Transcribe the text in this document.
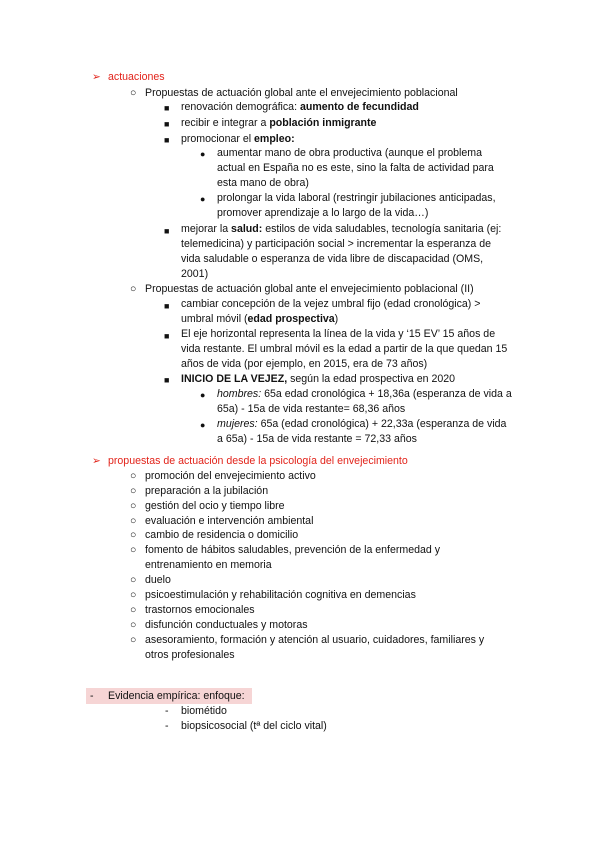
➢ actuaciones
○ Propuestas de actuación global ante el envejecimiento poblacional
■ renovación demográfica: aumento de fecundidad
■ recibir e integrar a población inmigrante
■ promocionar el empleo:
● aumentar mano de obra productiva (aunque el problema
actual en España no es este, sino la falta de actividad para
esta mano de obra)
● prolongar la vida laboral (restringir jubilaciones anticipadas,
promover aprendizaje a lo largo de la vida…)
■ mejorar la salud: estilos de vida saludables, tecnología sanitaria (ej:
telemedicina) y participación social > incrementar la esperanza de
vida saludable o esperanza de vida libre de discapacidad (OMS,
2001)
○ Propuestas de actuación global ante el envejecimiento poblacional (II)
■ cambiar concepción de la vejez umbral fijo (edad cronológica) >
umbral móvil (edad prospectiva)
■ El eje horizontal representa la línea de la vida y ‘15 EV’ 15 años de
vida restante. El umbral móvil es la edad a partir de la que quedan 15
años de vida (por ejemplo, en 2015, era de 73 años)
■ INICIO DE LA VEJEZ, según la edad prospectiva en 2020
● hombres: 65a edad cronológica + 18,36a (esperanza de vida a
65a) - 15a de vida restante= 68,36 años
● mujeres: 65a (edad cronológica) + 22,33a (esperanza de vida
a 65a) - 15a de vida restante = 72,33 años
➢ propuestas de actuación desde la psicología del envejecimiento
○ promoción del envejecimiento activo
○ preparación a la jubilación
○ gestión del ocio y tiempo libre
○ evaluación e intervención ambiental
○ cambio de residencia o domicilio
○ fomento de hábitos saludables, prevención de la enfermedad y
entrenamiento en memoria
○ duelo
○ psicoestimulación y rehabilitación cognitiva en demencias
○ trastornos emocionales
○ disfunción conductuales y motoras
○ asesoramiento, formación y atención al usuario, cuidadores, familiares y
otros profesionales
- Evidencia empírica: enfoque:
- biométido
- biopsicosocial (tª del ciclo vital)
